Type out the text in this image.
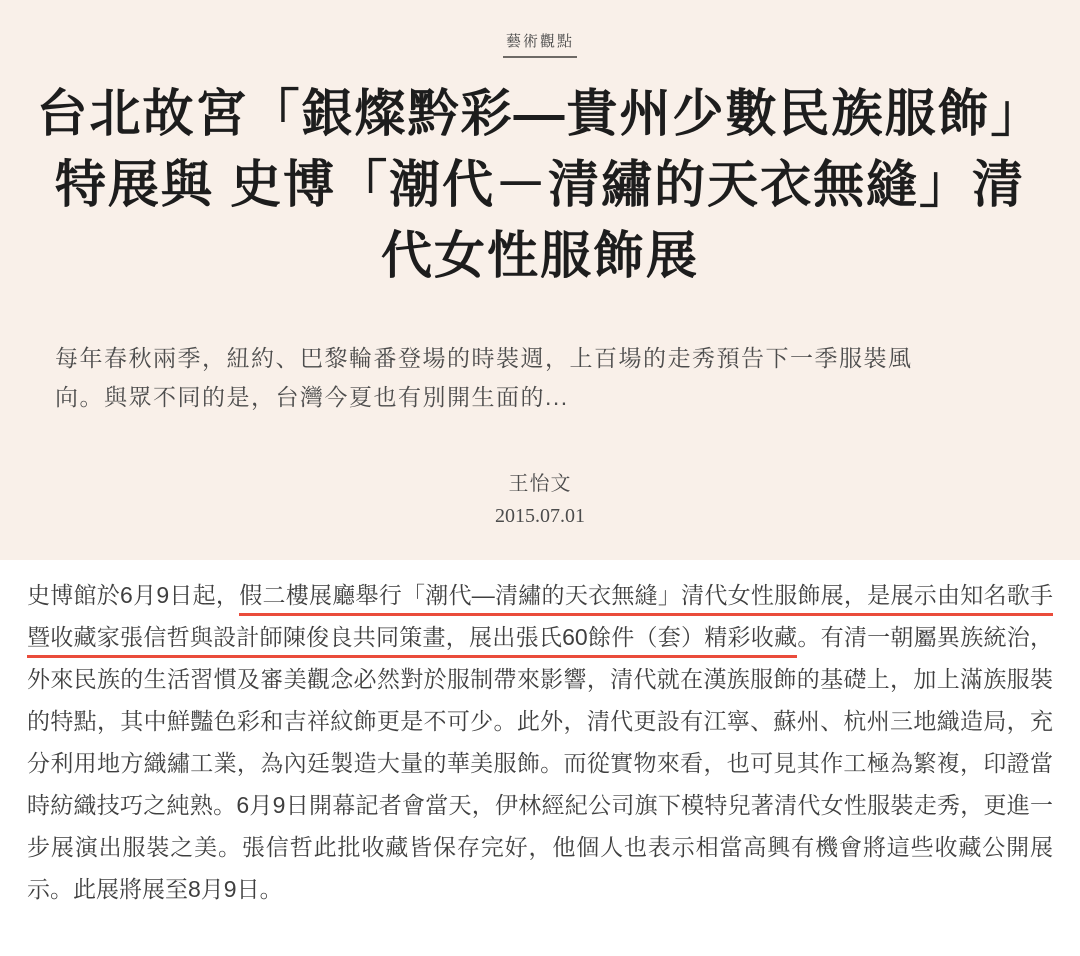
藝術觀點
台北故宮「銀燦黔彩—貴州少數民族服飾」特展與 史博「潮代－清繡的天衣無縫」清代女性服飾展

每年春秋兩季，紐約、巴黎輪番登場的時裝週，上百場的走秀預告下一季服裝風向。與眾不同的是，台灣今夏也有別開生面的...

王怡文
2015.07.01
史博館於6月9日起，假二樓展廳舉行「潮代—清繡的天衣無縫」清代女性服飾展，是展示由知名歌手
暨收藏家張信哲與設計師陳俊良共同策畫，展出張氏60餘件（套）精彩收藏。有清一朝屬異族統治，
外來民族的生活習慣及審美觀念必然對於服制帶來影響，清代就在漢族服飾的基礎上，加上滿族服裝
的特點，其中鮮豔色彩和吉祥紋飾更是不可少。此外，清代更設有江寧、蘇州、杭州三地織造局，充
分利用地方織繡工業，為內廷製造大量的華美服飾。而從實物來看，也可見其作工極為繁複，印證當
時紡織技巧之純熟。6月9日開幕記者會當天，伊林經紀公司旗下模特兒著清代女性服裝走秀，更進一
步展演出服裝之美。張信哲此批收藏皆保存完好，他個人也表示相當高興有機會將這些收藏公開展
示。此展將展至8月9日。
